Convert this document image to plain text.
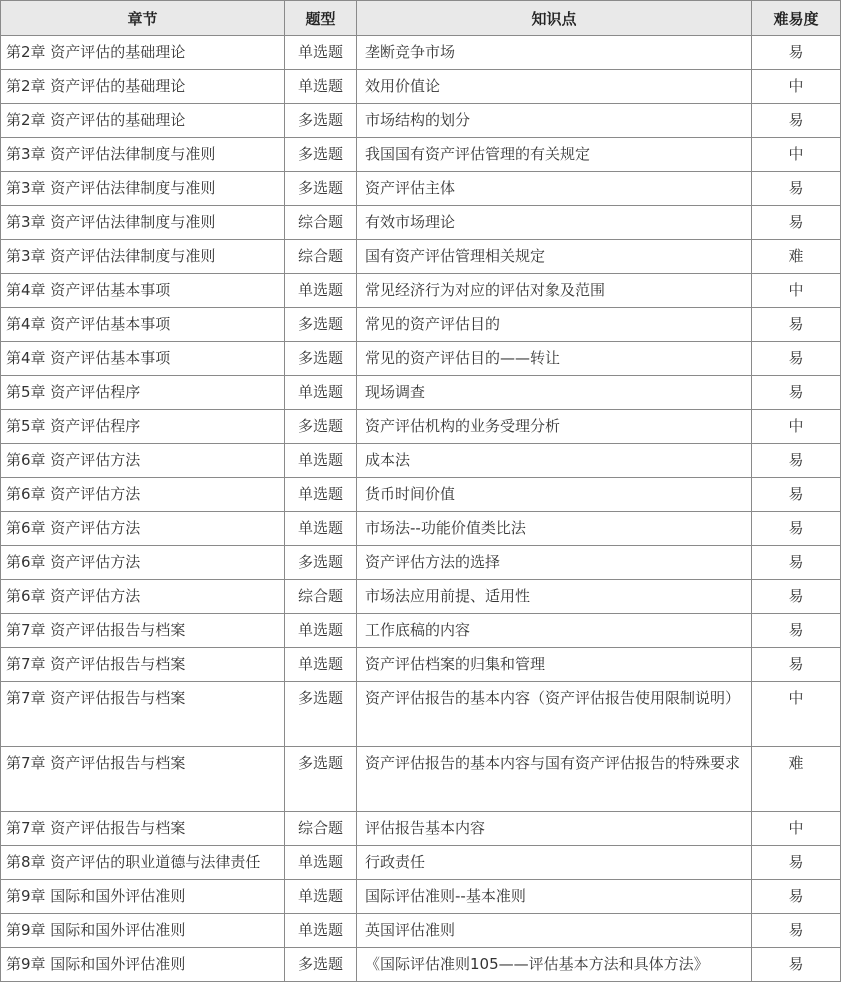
章节	题型	知识点	难易度
第2章 资产评估的基础理论	单选题	垄断竞争市场	易
第2章 资产评估的基础理论	单选题	效用价值论	中
第2章 资产评估的基础理论	多选题	市场结构的划分	易
第3章 资产评估法律制度与准则	多选题	我国国有资产评估管理的有关规定	中
第3章 资产评估法律制度与准则	多选题	资产评估主体	易
第3章 资产评估法律制度与准则	综合题	有效市场理论	易
第3章 资产评估法律制度与准则	综合题	国有资产评估管理相关规定	难
第4章 资产评估基本事项	单选题	常见经济行为对应的评估对象及范围	中
第4章 资产评估基本事项	多选题	常见的资产评估目的	易
第4章 资产评估基本事项	多选题	常见的资产评估目的——转让	易
第5章 资产评估程序	单选题	现场调查	易
第5章 资产评估程序	多选题	资产评估机构的业务受理分析	中
第6章 资产评估方法	单选题	成本法	易
第6章 资产评估方法	单选题	货币时间价值	易
第6章 资产评估方法	单选题	市场法--功能价值类比法	易
第6章 资产评估方法	多选题	资产评估方法的选择	易
第6章 资产评估方法	综合题	市场法应用前提、适用性	易
第7章 资产评估报告与档案	单选题	工作底稿的内容	易
第7章 资产评估报告与档案	单选题	资产评估档案的归集和管理	易
第7章 资产评估报告与档案	多选题	资产评估报告的基本内容（资产评估报告使用限制说明）	中
第7章 资产评估报告与档案	多选题	资产评估报告的基本内容与国有资产评估报告的特殊要求	难
第7章 资产评估报告与档案	综合题	评估报告基本内容	中
第8章 资产评估的职业道德与法律责任	单选题	行政责任	易
第9章 国际和国外评估准则	单选题	国际评估准则--基本准则	易
第9章 国际和国外评估准则	单选题	英国评估准则	易
第9章 国际和国外评估准则	多选题	《国际评估准则105——评估基本方法和具体方法》	易
